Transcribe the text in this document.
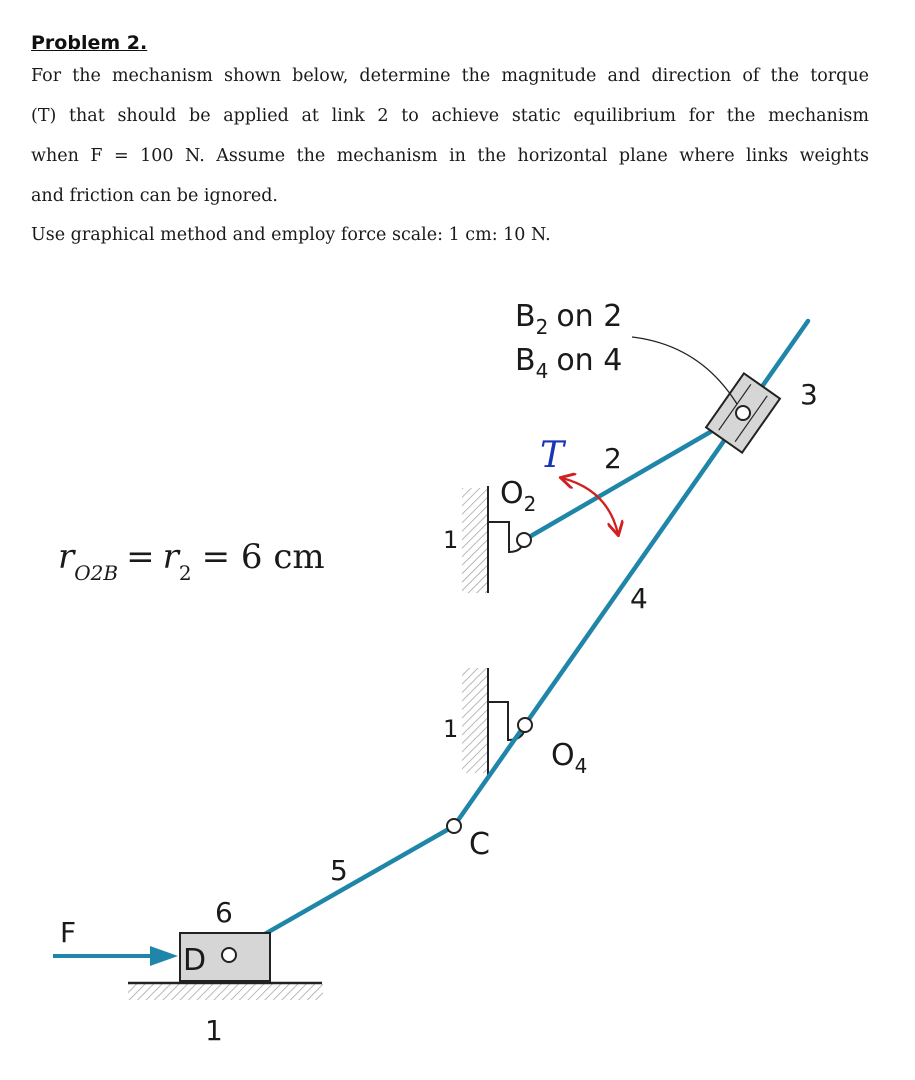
Problem 2.
For the mechanism shown below, determine the magnitude and direction of the torque
(T) that should be applied at link 2 to achieve static equilibrium for the mechanism
when F = 100 N. Assume the mechanism in the horizontal plane where links weights
and friction can be ignored.
Use graphical method and employ force scale: 1 cm: 10 N.
$B_2$ on 2
$B_4$ on 4
T 2
3
4
5
6
1
1
1
$O_2$
$O_4$
C
D
F
$r_{O2B} = r_2 = 6$ cm
